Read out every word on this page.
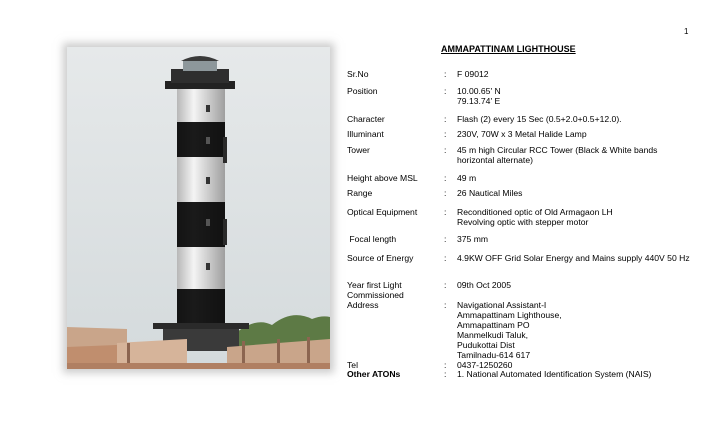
1
AMMAPATTINAM LIGHTHOUSE
Sr.No	: F 09012
Position	: 10.00.65' N
79.13.74' E
Character	: Flash (2) every 15 Sec (0.5+2.0+0.5+12.0).
Illuminant	: 230V, 70W x 3 Metal Halide Lamp
Tower	: 45 m high Circular RCC Tower (Black & White bands horizontal alternate)
Height above MSL	: 49 m
Range	: 26 Nautical Miles
Optical Equipment	: Reconditioned optic of Old Armagaon LH
Revolving optic with stepper motor
Focal length	: 375 mm
Source of Energy	: 4.9KW OFF Grid Solar Energy and Mains supply 440V 50 Hz
Year first Light Commissioned
: 09th Oct 2005
Address	: Navigational Assistant-I
Ammapattinam Lighthouse,
Ammapattinam PO
Manmelkudi Taluk,
Pudukottai Dist
Tamilnadu-614 617
Tel	: 0437-1250260
Other ATONs	: 1. National Automated Identification System (NAIS)
